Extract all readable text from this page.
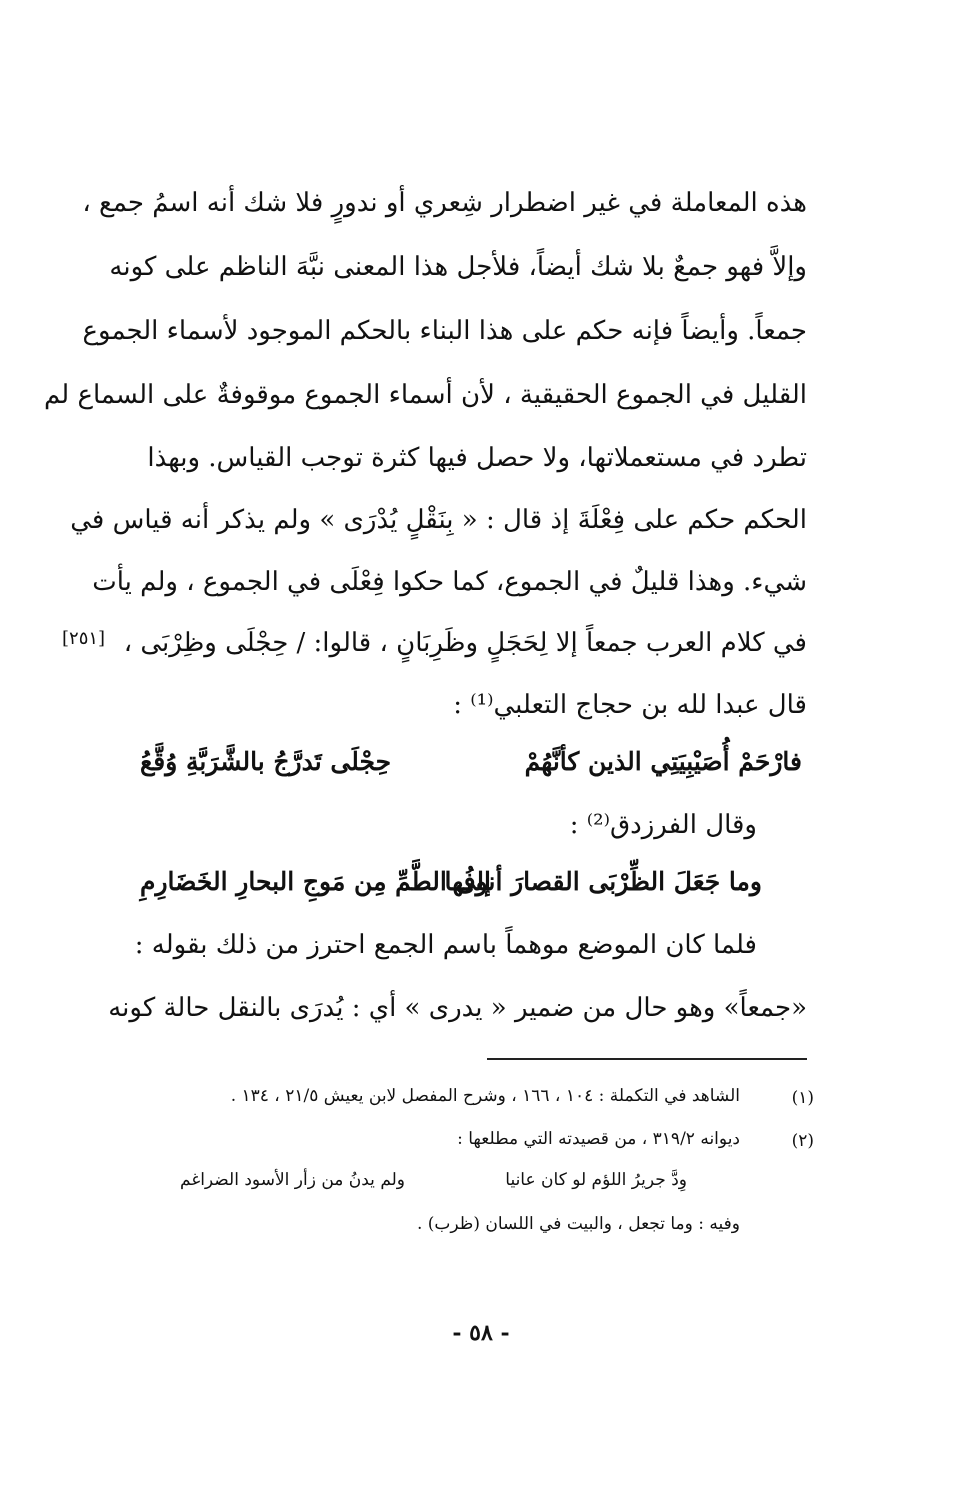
هذه المعاملة في غير اضطرار شِعري أو ندورٍ فلا شك أنه اسمُ جمع ،
وإلاَّ فهو جمعٌ بلا شك أيضاً، فلأجل هذا المعنى نبَّهَ الناظم على كونه
جمعاً. وأيضاً فإنه حكم على هذا البناء بالحكم الموجود لأسماء الجموع
القليل في الجموع الحقيقية ، لأن أسماء الجموع موقوفةٌ على السماع لم
تطرد في مستعملاتها، ولا حصل فيها كثرة توجب القياس. وبهذا
الحكم حكم على فِعْلَةَ إذ قال : « بِنَقْلٍ يُدْرَى » ولم يذكر أنه قياس في
شيء. وهذا قليلٌ في الجموع، كما حكوا فِعْلَى في الجموع ، ولم يأت
في كلام العرب جمعاً إلا لِحَجَلٍ وظَرِبَانٍ ، قالوا: / حِجْلَى وظِرْبَى ،
[٢٥١]
قال عبدا لله بن حجاج التعلبي⁽¹⁾ :
فارْحَمْ أُصَيْبِيَتِي الذين كأنَّهُمْ
حِجْلَى تَدرَّجُ بالشَّرَبَّةِ وُقَّعُ
وقال الفرزدق⁽²⁾ :
وما جَعَلَ الظِّرْبَى القصارَ أنوفُها
إلى الطَّمِّ مِن مَوجِ البحارِ الخَضَارِمِ
فلما كان الموضع موهماً باسم الجمع احترز من ذلك بقوله :
«جمعاً» وهو حال من ضمير « يدرى » أي : يُدرَى بالنقل حالة كونه
(١)
الشاهد في التكملة : ١٠٤ ، ١٦٦ ، وشرح المفصل لابن يعيش ٢١/٥ ، ١٣٤ .
(٢)
ديوانه ٣١٩/٢ ، من قصيدته التي مطلعها :
وِدَّ جريرُ اللؤم لو كان عانيا
ولم يدنُ من زأر الأسود الضراغم
وفيه : وما تجعل ، والبيت في اللسان (ظرب) .
- ٥٨ -
